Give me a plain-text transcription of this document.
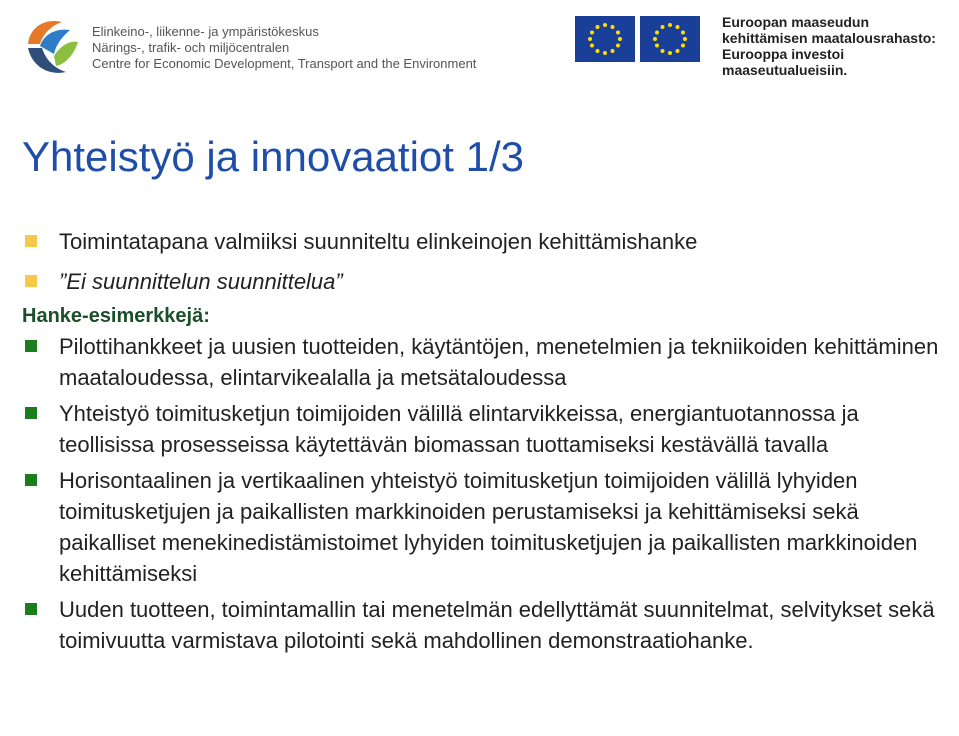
Elinkeino-, liikenne- ja ympäristökeskus
Närings-, trafik- och miljöcentralen
Centre for Economic Development, Transport and the Environment
Euroopan maaseudun
kehittämisen maatalousrahasto:
Eurooppa investoi maaseutualueisiin.
Yhteistyö ja innovaatiot 1/3
Toimintatapana valmiiksi suunniteltu elinkeinojen kehittämishanke
”Ei suunnittelun suunnittelua”
Hanke-esimerkkejä:
Pilottihankkeet ja uusien tuotteiden, käytäntöjen, menetelmien ja tekniikoiden kehittäminen maataloudessa, elintarvikealalla ja metsätaloudessa
Yhteistyö toimitusketjun toimijoiden välillä elintarvikkeissa, energiantuotannossa ja teollisissa prosesseissa käytettävän biomassan tuottamiseksi kestävällä tavalla
Horisontaalinen ja vertikaalinen yhteistyö toimitusketjun toimijoiden välillä lyhyiden toimitusketjujen ja paikallisten markkinoiden perustamiseksi ja kehittämiseksi sekä paikalliset menekinedistämistoimet lyhyiden toimitusketjujen ja paikallisten markkinoiden kehittämiseksi
Uuden tuotteen, toimintamallin tai menetelmän edellyttämät suunnitelmat, selvitykset sekä toimivuutta varmistava pilotointi sekä mahdollinen demonstraatiohanke.
